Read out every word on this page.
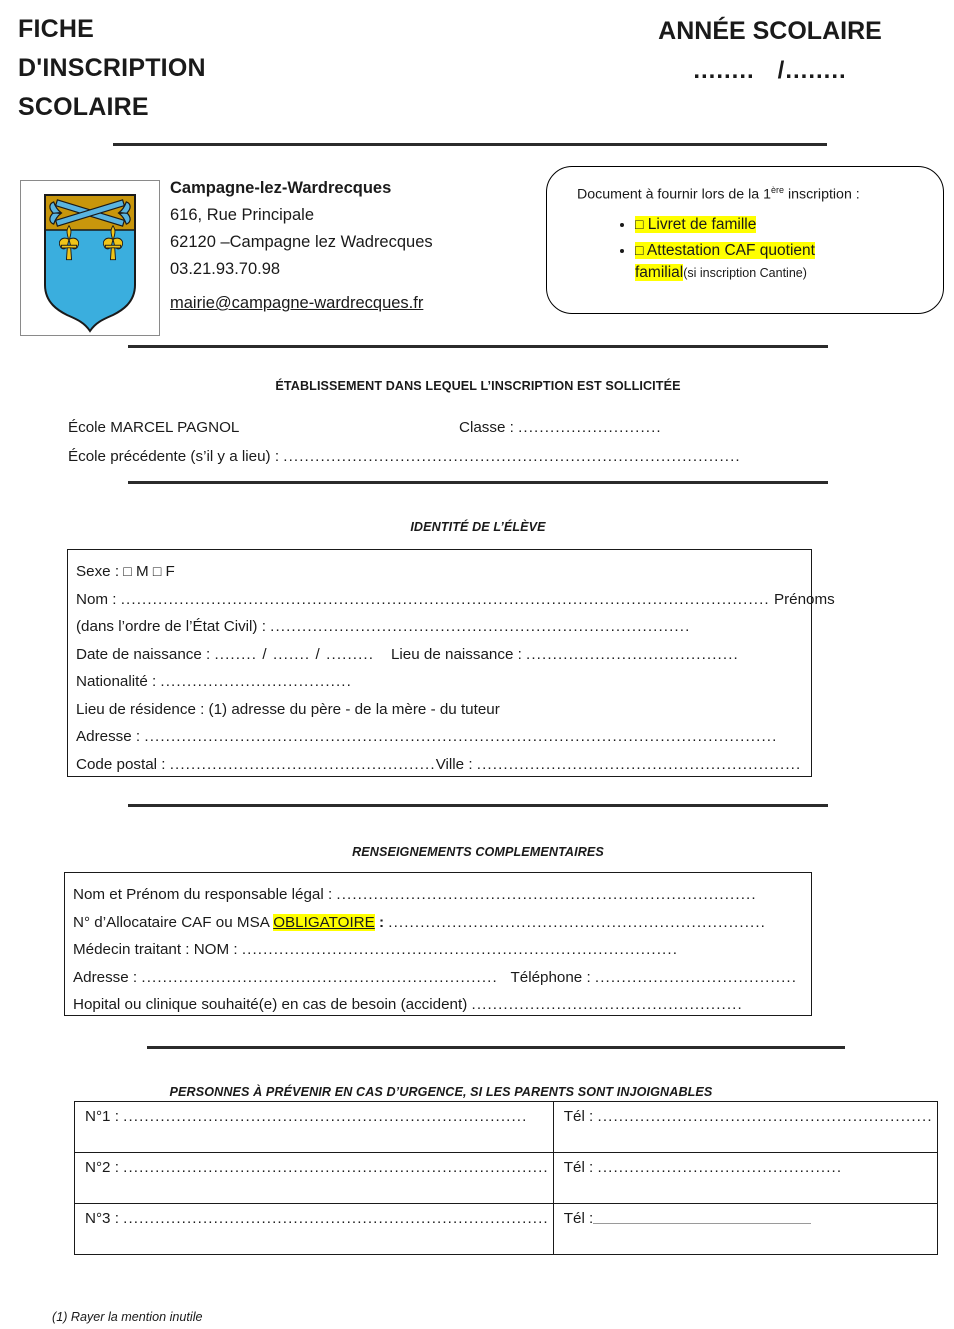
FICHE
D'INSCRIPTION
SCOLAIRE
ANNÉE SCOLAIRE
........ /........
Campagne-lez-Wardrecques
616, Rue Principale
62120 –Campagne lez Wadrecques
03.21.93.70.98
mairie@campagne-wardrecques.fr
Document à fournir lors de la 1ère inscription :
• □ Livret de famille
• □ Attestation CAF quotient
familial(si inscription Cantine)
ÉTABLISSEMENT DANS LEQUEL L’INSCRIPTION EST SOLLICITÉE
École MARCEL PAGNOL	Classe : ...........................
École précédente (s’il y a lieu) : ......................................................................................
IDENTITÉ DE L’ÉLÈVE
Sexe : □ M □ F
Nom : .......................................................................................................................... Prénoms
(dans l’ordre de l’État Civil) : ...............................................................................
Date de naissance : ........ / ....... / ......... Lieu de naissance : ........................................
Nationalité : ....................................
Lieu de résidence : (1) adresse du père - de la mère - du tuteur
Adresse : .......................................................................................................................
Code postal : ..................................................Ville : .............................................................
RENSEIGNEMENTS COMPLEMENTAIRES
Nom et Prénom du responsable légal : ...............................................................................
N° d’Allocataire CAF ou MSA OBLIGATOIRE : .......................................................................
Médecin traitant : NOM : ..................................................................................
Adresse : ................................................................... Téléphone : ......................................
Hopital ou clinique souhaité(e) en cas de besoin (accident) ...................................................
PERSONNES À PRÉVENIR EN CAS D’URGENCE, SI LES PARENTS SONT INJOIGNABLES
N°1 : ............................................................................	Tél : ...............................................................
N°2 : ................................................................................	Tél : ..............................................
N°3 : ................................................................................	Tél :
(1) Rayer la mention inutile
